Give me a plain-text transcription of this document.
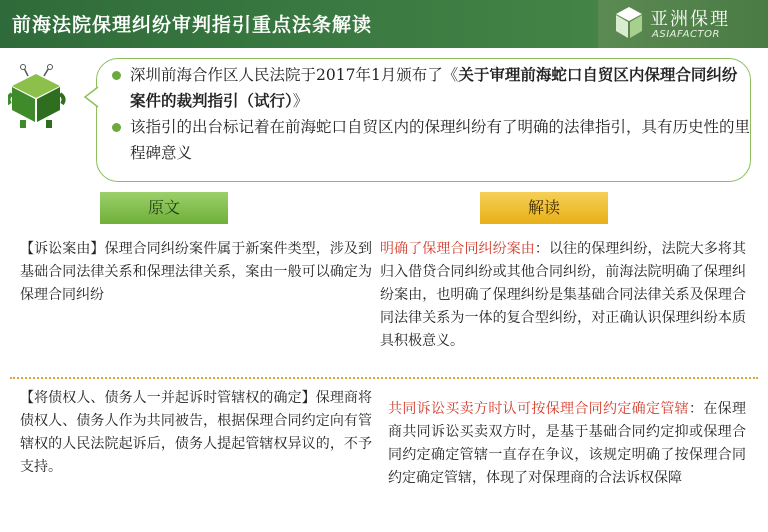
前海法院保理纠纷审判指引重点法条解读	亚洲保理
ASIAFACTOR
深圳前海合作区人民法院于2017年1月颁布了《关于审理前海蛇口自贸区内保理合同纠纷案件的裁判指引（试行）》
该指引的出台标记着在前海蛇口自贸区内的保理纠纷有了明确的法律指引，具有历史性的里程碑意义
原文	解读
【诉讼案由】保理合同纠纷案件属于新案件类型，涉及到基础合同法律关系和保理法律关系，案由一般可以确定为保理合同纠纷
明确了保理合同纠纷案由：以往的保理纠纷，法院大多将其归入借贷合同纠纷或其他合同纠纷，前海法院明确了保理纠纷案由，也明确了保理纠纷是集基础合同法律关系及保理合同法律关系为一体的复合型纠纷，对正确认识保理纠纷本质具积极意义。
【将债权人、债务人一并起诉时管辖权的确定】保理商将债权人、债务人作为共同被告，根据保理合同约定向有管辖权的人民法院起诉后，债务人提起管辖权异议的，不予支持。
共同诉讼买卖方时认可按保理合同约定确定管辖：在保理商共同诉讼买卖双方时，是基于基础合同约定抑或保理合同约定确定管辖一直存在争议，该规定明确了按保理合同约定确定管辖，体现了对保理商的合法诉权保障
